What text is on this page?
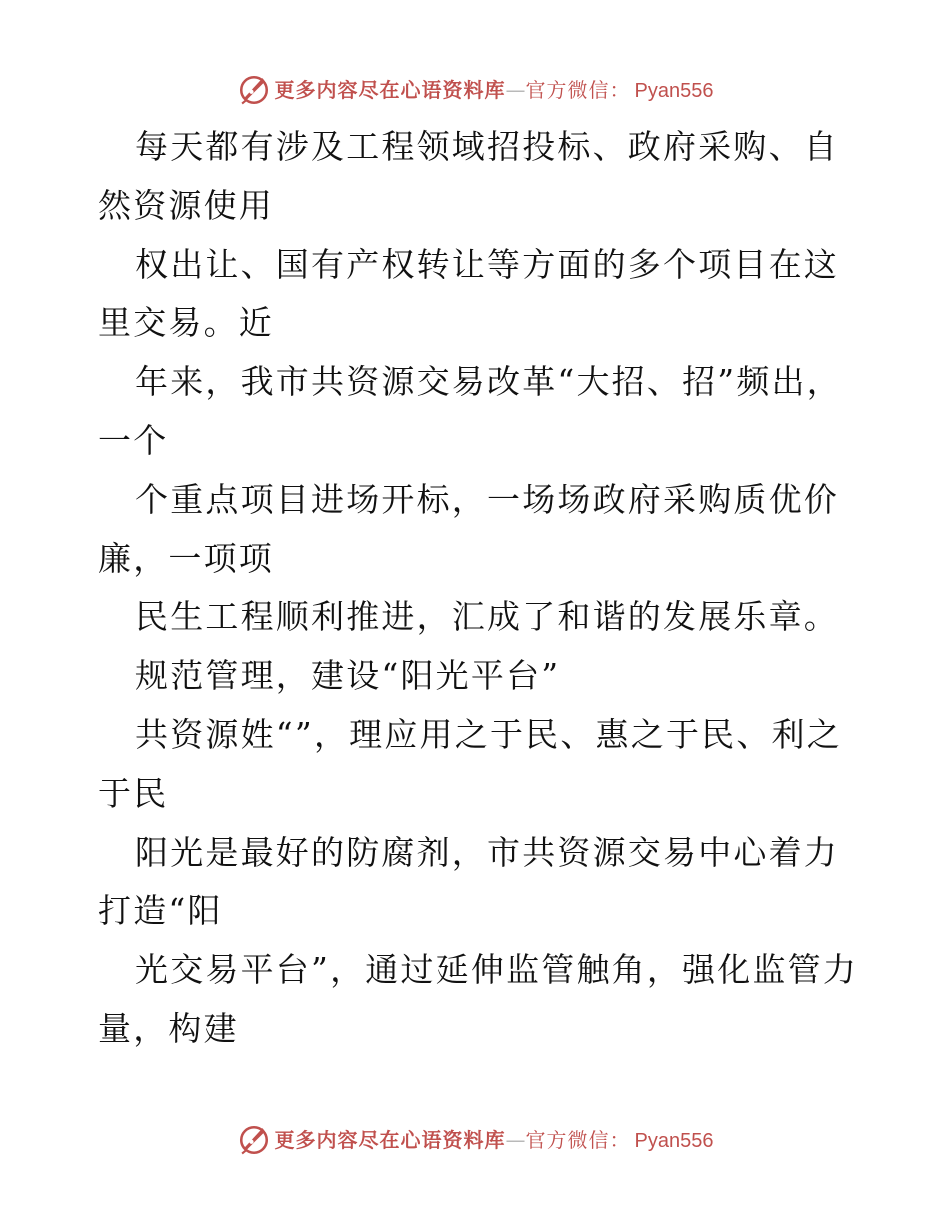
更多内容尽在心语资料库 — 官方微信： Pyan556

每天都有涉及工程领域招投标、政府采购、自然资源使用

权出让、国有产权转让等方面的多个项目在这里交易。近

年来，我市共资源交易改革“大招、招”频出，一个

个重点项目进场开标，一场场政府采购质优价廉，一项项

民生工程顺利推进，汇成了和谐的发展乐章。

规范管理，建设“阳光平台”

共资源姓“”，理应用之于民、惠之于民、利之于民

阳光是最好的防腐剂，市共资源交易中心着力打造“阳

光交易平台”，通过延伸监管触角，强化监管力量，构建

更多内容尽在心语资料库 — 官方微信： Pyan556
